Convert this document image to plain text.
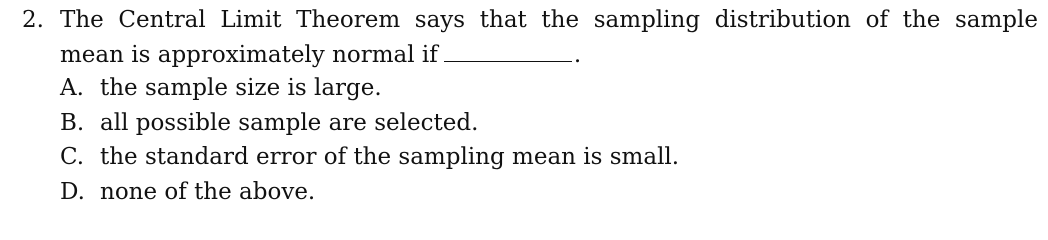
2. The Central Limit Theorem says that the sampling distribution of the sample
mean is approximately normal if	.
A. the sample size is large.
B. all possible sample are selected.
C. the standard error of the sampling mean is small.
D. none of the above.
